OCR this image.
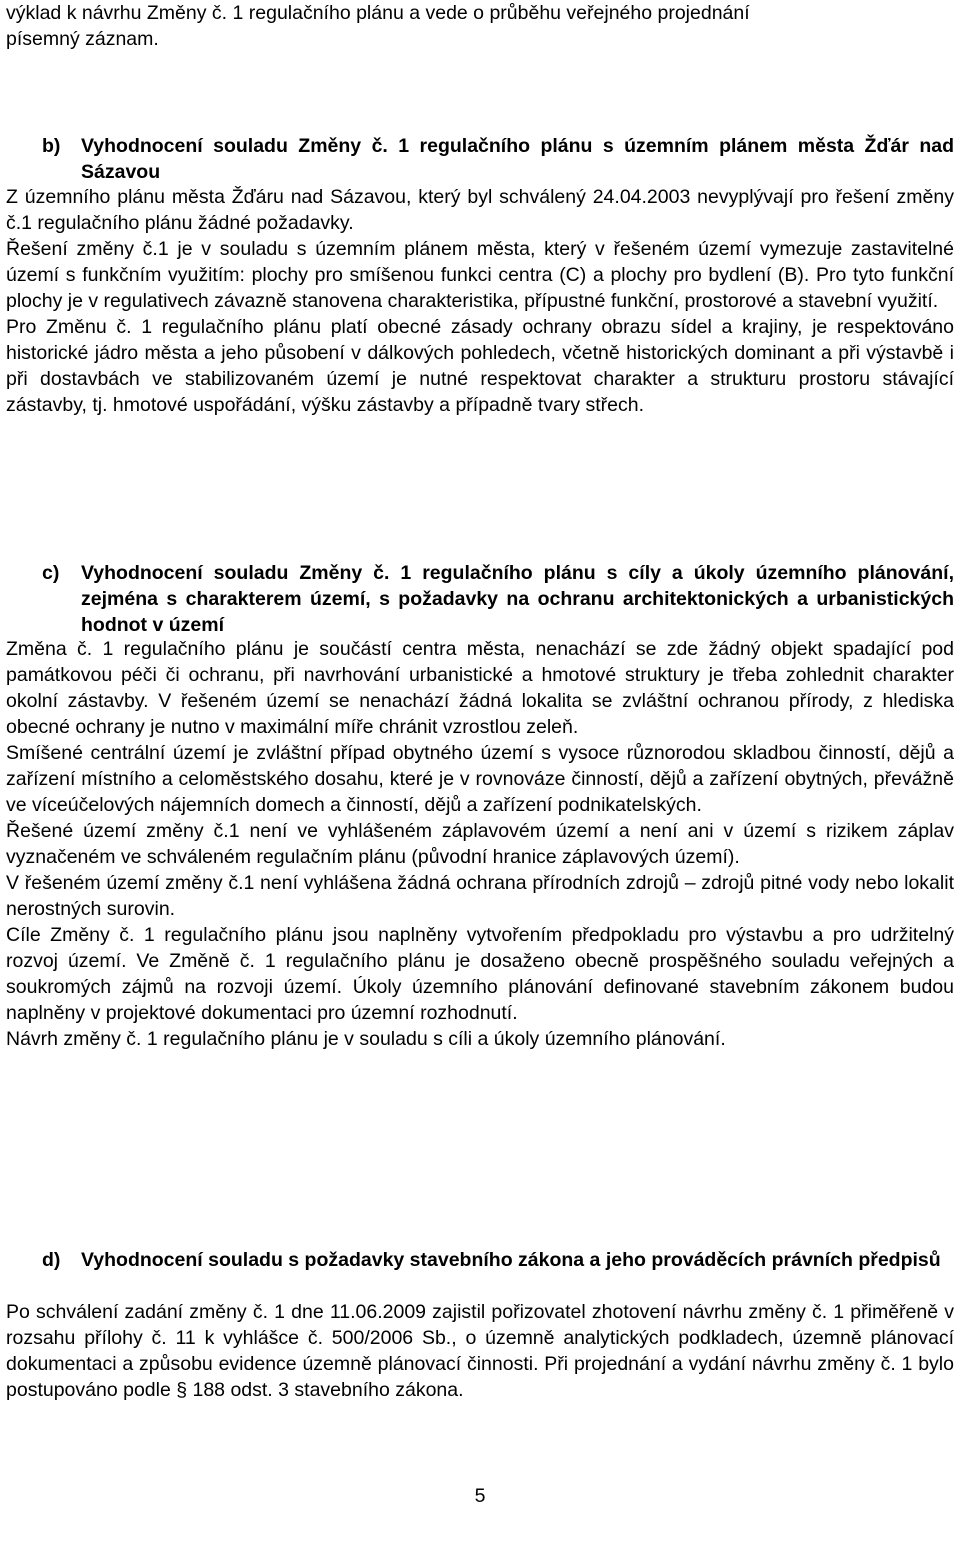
výklad k návrhu Změny č. 1 regulačního plánu a vede o průběhu veřejného projednání

písemný záznam.

b) Vyhodnocení souladu Změny č. 1 regulačního plánu s územním plánem města Žďár nad Sázavou

Z územního plánu města Žďáru nad Sázavou, který byl schválený 24.04.2003 nevyplývají pro řešení změny č.1 regulačního plánu žádné požadavky.

Řešení změny č.1 je v souladu s územním plánem města, který v řešeném území vymezuje zastavitelné území s funkčním využitím: plochy pro smíšenou funkci centra (C) a plochy pro bydlení (B). Pro tyto funkční plochy je v regulativech závazně stanovena charakteristika, přípustné funkční, prostorové a stavební využití.

Pro Změnu č. 1 regulačního plánu platí obecné zásady ochrany obrazu sídel a krajiny, je respektováno historické jádro města a jeho působení v dálkových pohledech, včetně historických dominant a při výstavbě i při dostavbách ve stabilizovaném území je nutné respektovat charakter a strukturu prostoru stávající zástavby, tj. hmotové uspořádání, výšku zástavby a případně tvary střech.

c) Vyhodnocení souladu Změny č. 1 regulačního plánu s cíly a úkoly územního plánování, zejména s charakterem území, s požadavky na ochranu architektonických a urbanistických hodnot v území

Změna č. 1 regulačního plánu je součástí centra města, nenachází se zde žádný objekt spadající pod památkovou péči či ochranu, při navrhování urbanistické a hmotové struktury je třeba zohlednit charakter okolní zástavby. V řešeném území se nenachází žádná lokalita se zvláštní ochranou přírody, z hlediska obecné ochrany je nutno v maximální míře chránit vzrostlou zeleň.

Smíšené centrální území je zvláštní případ obytného území s vysoce různorodou skladbou činností, dějů a zařízení místního a celoměstského dosahu, které je v rovnováze činností, dějů a zařízení obytných, převážně ve víceúčelových nájemních domech a činností, dějů a zařízení podnikatelských.

Řešené území změny č.1 není ve vyhlášeném záplavovém území a není ani v území s rizikem záplav vyznačeném ve schváleném regulačním plánu (původní hranice záplavových území).

V řešeném území změny č.1 není vyhlášena žádná ochrana přírodních zdrojů – zdrojů pitné vody nebo lokalit nerostných surovin.

Cíle Změny č. 1 regulačního plánu jsou naplněny vytvořením předpokladu pro výstavbu a pro udržitelný rozvoj území. Ve Změně č. 1 regulačního plánu je dosaženo obecně prospěšného souladu veřejných a soukromých zájmů na rozvoji území. Úkoly územního plánování definované stavebním zákonem budou naplněny v projektové dokumentaci pro územní rozhodnutí.

Návrh změny č. 1 regulačního plánu je v souladu s cíli a úkoly územního plánování.

d) Vyhodnocení souladu s požadavky stavebního zákona a jeho prováděcích právních předpisů

Po schválení zadání změny č. 1 dne 11.06.2009 zajistil pořizovatel zhotovení návrhu změny č. 1 přiměřeně v rozsahu přílohy č. 11 k vyhlášce č. 500/2006 Sb., o územně analytických podkladech, územně plánovací dokumentaci a způsobu evidence územně plánovací činnosti. Při projednání a vydání návrhu změny č. 1 bylo postupováno podle § 188 odst. 3 stavebního zákona.

5
